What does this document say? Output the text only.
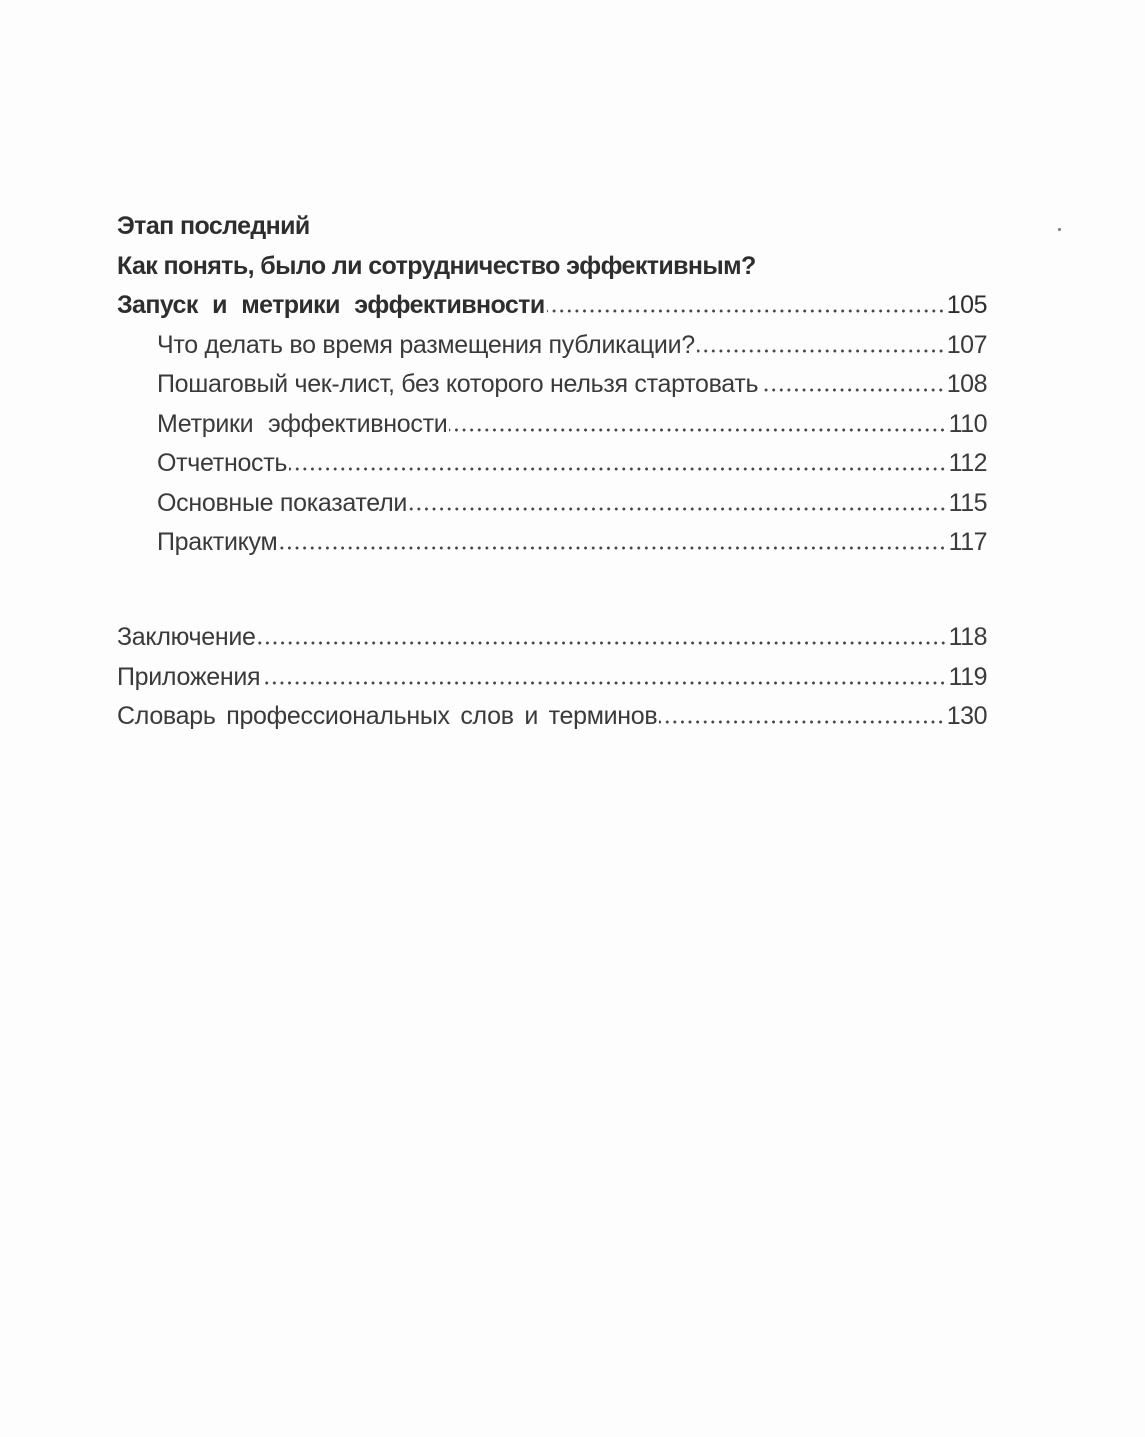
Этап последний
Как понять, было ли сотрудничество эффективным?
Запуск и метрики эффективности	105
Что делать во время размещения публикации?	107
Пошаговый чек-лист, без которого нельзя стартовать	108
Метрики эффективности	110
Отчетность	112
Основные показатели	115
Практикум	117
Заключение	118
Приложения	119
Словарь профессиональных слов и терминов	130
